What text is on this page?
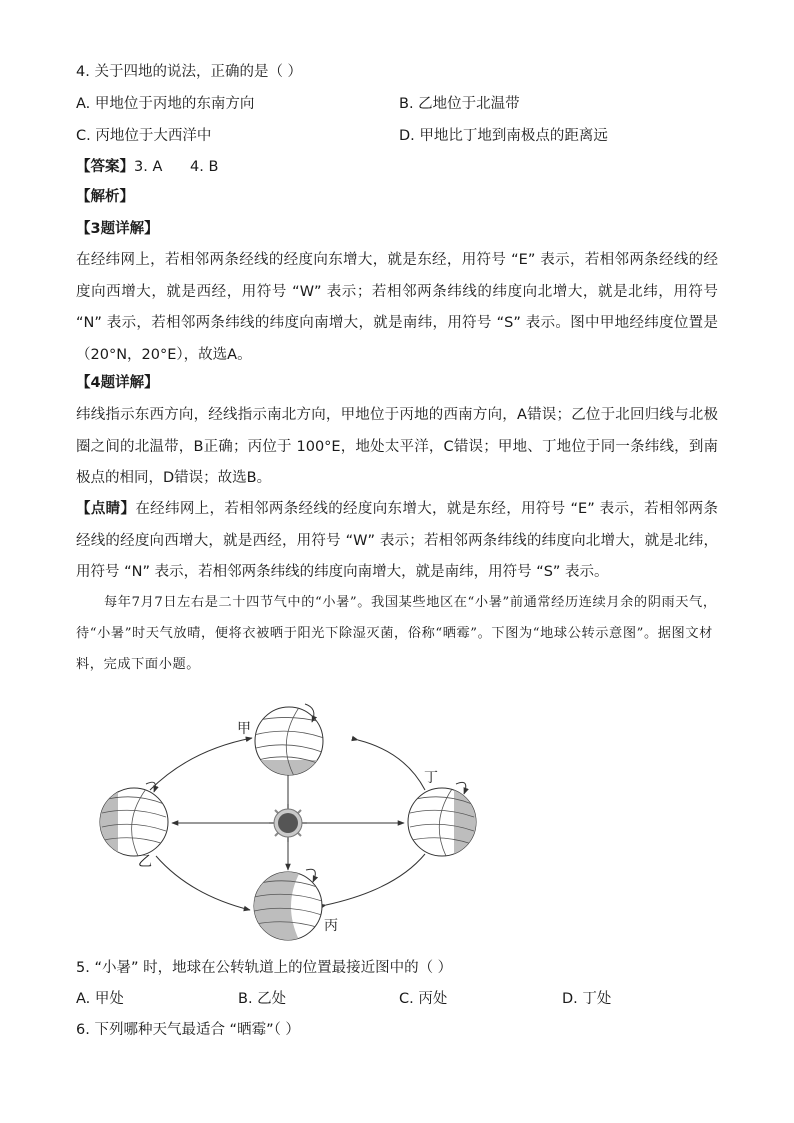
4. 关于四地的说法，正确的是（ ）
A. 甲地位于丙地的东南方向	B. 乙地位于北温带
C. 丙地位于大西洋中	D. 甲地比丁地到南极点的距离远
【答案】3. A      4. B
【解析】
【3题详解】
在经纬网上，若相邻两条经线的经度向东增大，就是东经，用符号 “E” 表示，若相邻两条经线的经度向西增大，就是西经，用符号 “W” 表示；若相邻两条纬线的纬度向北增大，就是北纬，用符号 “N” 表示，若相邻两条纬线的纬度向南增大，就是南纬，用符号 “S” 表示。图中甲地经纬度位置是（20°N，20°E），故选A。
【4题详解】
纬线指示东西方向，经线指示南北方向，甲地位于丙地的西南方向，A错误；乙位于北回归线与北极圈之间的北温带，B正确；丙位于 100°E，地处太平洋，C错误；甲地、丁地位于同一条纬线，到南极点的相同，D错误；故选B。
【点睛】在经纬网上，若相邻两条经线的经度向东增大，就是东经，用符号 “E” 表示，若相邻两条经线的经度向西增大，就是西经，用符号 “W” 表示；若相邻两条纬线的纬度向北增大，就是北纬，用符号 “N” 表示，若相邻两条纬线的纬度向南增大，就是南纬，用符号 “S” 表示。
每年7月7日左右是二十四节气中的“小暑”。我国某些地区在“小暑”前通常经历连续月余的阴雨天气，待“小暑”时天气放晴，便将衣被晒于阳光下除湿灭菌，俗称“晒霉”。下图为“地球公转示意图”。据图文材料，完成下面小题。
甲
乙
丙
丁
5. “小暑” 时，地球在公转轨道上的位置最接近图中的（ ）
A. 甲处	B. 乙处	C. 丙处	D. 丁处
6. 下列哪种天气最适合 “晒霉”（ ）
